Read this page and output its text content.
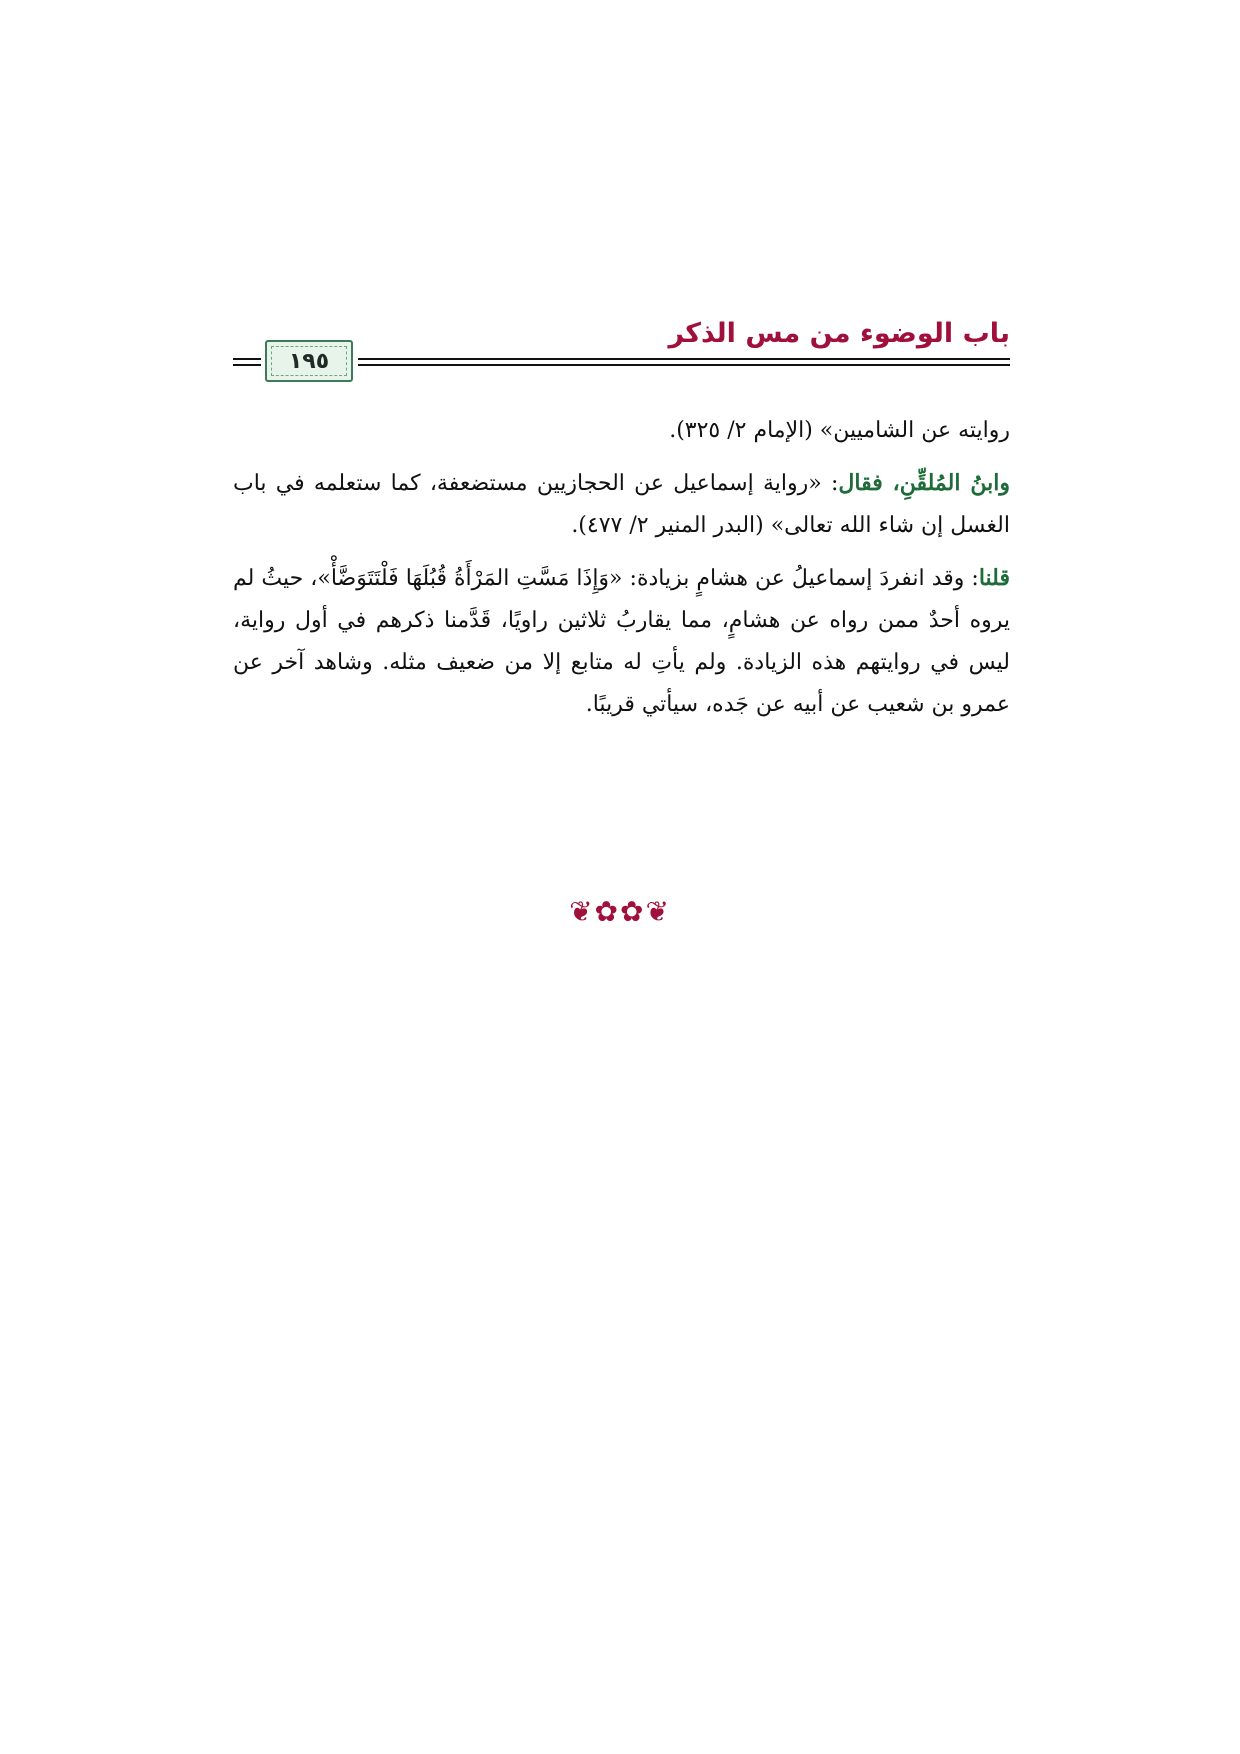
باب الوضوء من مس الذكر
١٩٥

روايته عن الشاميين» (الإمام ٢/ ٣٢٥).

وابنُ المُلقِّنِ، فقال: «رواية إسماعيل عن الحجازيين مستضعفة، كما ستعلمه في باب الغسل إن شاء الله تعالى» (البدر المنير ٢/ ٤٧٧).

قلنا: وقد انفردَ إسماعيلُ عن هشامٍ بزيادة: «وَإِذَا مَسَّتِ المَرْأَةُ قُبُلَهَا فَلْتَتَوَضَّأْ»، حيثُ لم يروه أحدٌ ممن رواه عن هشامٍ، مما يقاربُ ثلاثين راويًا، قَدَّمنا ذكرهم في أول رواية، ليس في روايتهم هذه الزيادة. ولم يأتِ له متابع إلا من ضعيف مثله. وشاهد آخر عن عمرو بن شعيب عن أبيه عن جَده، سيأتي قريبًا.

❦✿✿❦
